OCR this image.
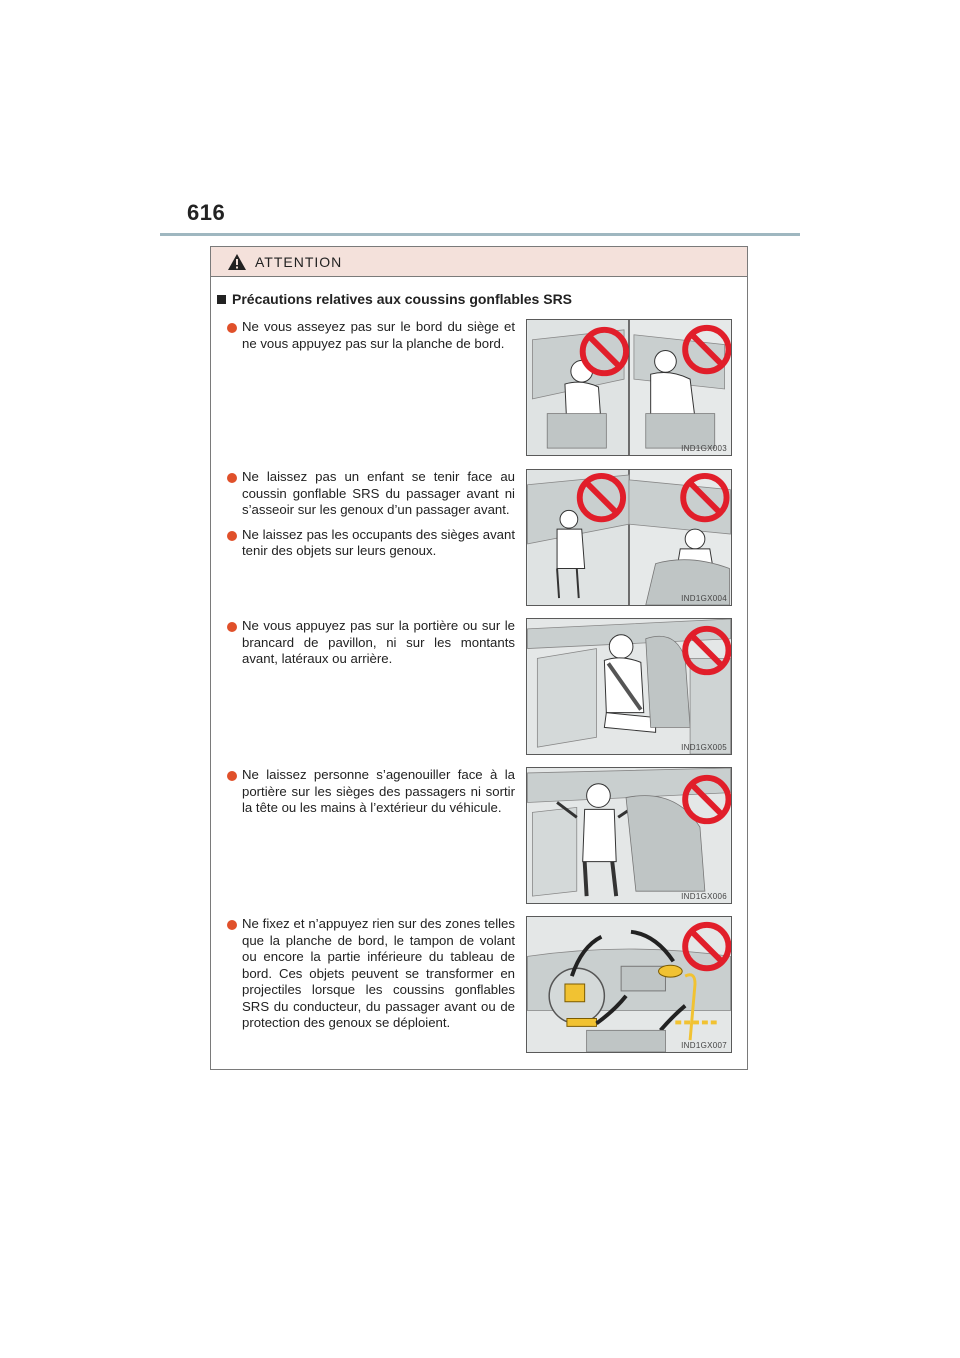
616
ATTENTION
Précautions relatives aux coussins gonflables SRS
Ne vous asseyez pas sur le bord du siège et ne vous appuyez pas sur la planche de bord.
IND1GX003
Ne laissez pas un enfant se tenir face au coussin gonflable SRS du passager avant ni s’asseoir sur les genoux d’un passager avant.
Ne laissez pas les occupants des sièges avant tenir des objets sur leurs genoux.
IND1GX004
Ne vous appuyez pas sur la portière ou sur le brancard de pavillon, ni sur les montants avant, latéraux ou arrière.
IND1GX005
Ne laissez personne s’agenouiller face à la portière sur les sièges des passagers ni sortir la tête ou les mains à l’extérieur du véhicule.
IND1GX006
Ne fixez et n’appuyez rien sur des zones telles que la planche de bord, le tampon de volant ou encore la partie inférieure du tableau de bord. Ces objets peuvent se transformer en projectiles lorsque les coussins gonflables SRS du conducteur, du passager avant ou de protection des genoux se déploient.
IND1GX007
